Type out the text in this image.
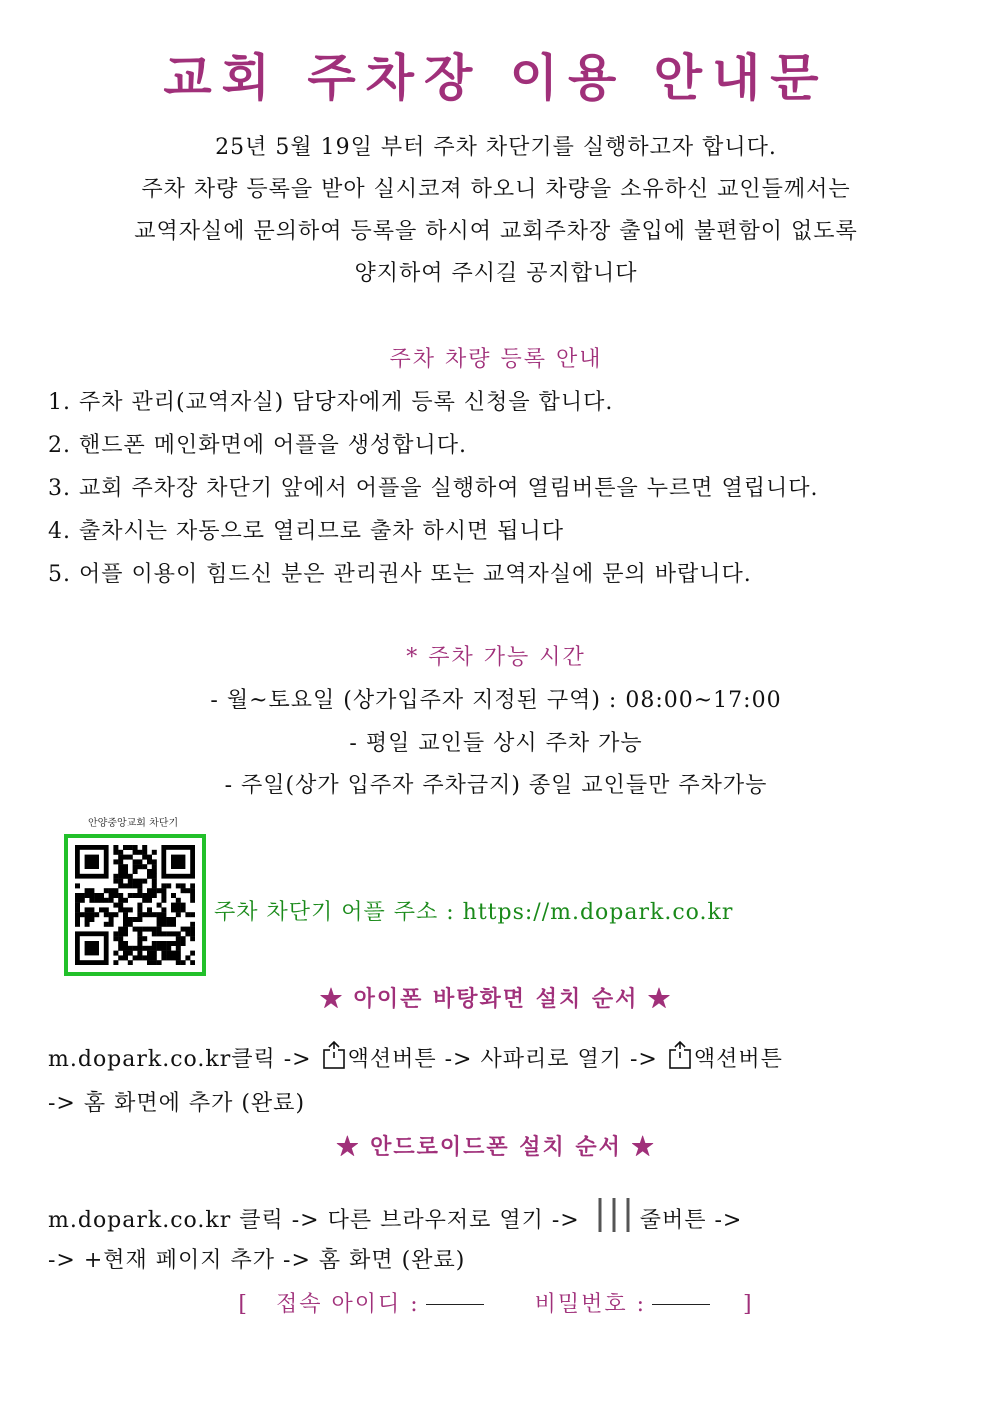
교회 주차장 이용 안내문

25년 5월 19일 부터 주차 차단기를 실행하고자 합니다.

주차 차량 등록을 받아 실시코져 하오니 차량을 소유하신 교인들께서는

교역자실에 문의하여 등록을 하시여 교회주차장 출입에 불편함이 없도록

양지하여 주시길 공지합니다

주차 차량 등록 안내
1. 주차 관리(교역자실) 담당자에게 등록 신청을 합니다.
2. 핸드폰 메인화면에 어플을 생성합니다.
3. 교회 주차장 차단기 앞에서 어플을 실행하여 열림버튼을 누르면 열립니다.
4. 출차시는 자동으로 열리므로 출차 하시면 됩니다
5. 어플 이용이 힘드신 분은 관리권사 또는 교역자실에 문의 바랍니다.
* 주차 가능 시간
- 월~토요일 (상가입주자 지정된 구역) : 08:00~17:00
- 평일 교인들 상시 주차 가능
- 주일(상가 입주자 주차금지) 종일 교인들만 주차가능
안양중앙교회 차단기
주차 차단기 어플 주소 : https://m.dopark.co.kr
★ 아이폰 바탕화면 설치 순서 ★
m.dopark.co.kr클릭 -> 액션버튼 -> 사파리로 열기 -> 액션버튼
-> 홈 화면에 추가 (완료)
★ 안드로이드폰 설치 순서 ★
m.dopark.co.kr 클릭 -> 다른 브라우저로 열기 -> 줄버튼 ->
-> +현재 페이지 추가 -> 홈 화면 (완료)
[ 접속 아이디 :	비밀번호 :	]
